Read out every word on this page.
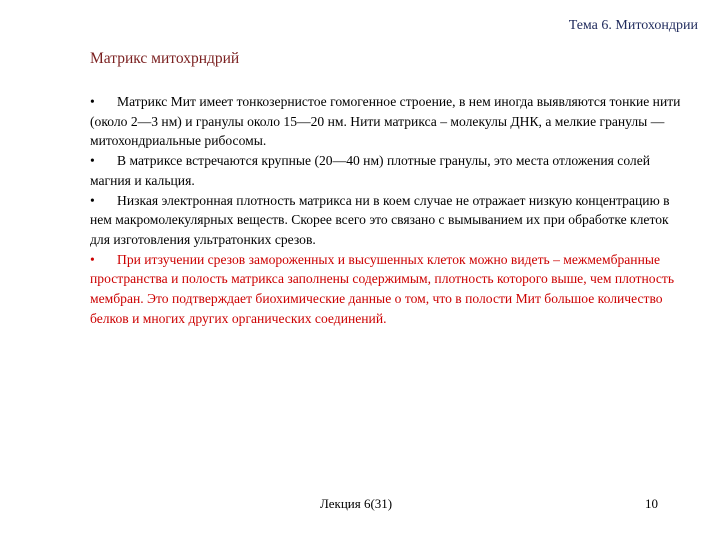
Тема 6. Митохондрии
Матрикс митохрндрий

• Матрикс Мит имеет тонкозернистое гомогенное строение, в нем иногда выявляются тонкие нити (около 2—3 нм) и гранулы около 15—20 нм. Нити матрикса – молекулы ДНК, а мелкие гранулы — митохондриальные рибосомы.

• В матриксе встречаются крупные (20—40 нм) плотные гранулы, это места отложения солей магния и кальция.

• Низкая электронная плотность матрикса ни в коем случае не отражает низкую концентрацию в нем макромолекулярных веществ. Скорее всего это связано с вымыванием их при обработке клеток для изготовления ультратонких срезов.

• При итзучении срезов замороженных и высушенных клеток можно видеть – межмембранные пространства и полость матрикса заполнены содержимым, плотность которого выше, чем плотность мембран. Это подтверждает биохимические данные о том, что в полости Мит большое количество белков и многих других органических соединений.

Лекция 6(31)	10
